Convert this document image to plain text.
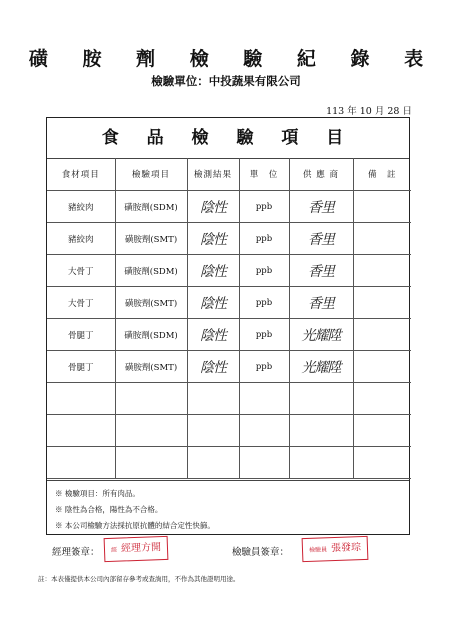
磺 胺 劑 檢 驗 紀 錄 表
檢驗單位：中投蔬果有限公司
113 年 10 月 28 日
食 品 檢 驗 項 目
食材項目	檢驗項目	檢測結果	單　位	供 應 商	備　註
豬絞肉	磺胺劑(SDM)	陰性	ppb	香里	
豬絞肉	磺胺劑(SMT)	陰性	ppb	香里	
大骨丁	磺胺劑(SDM)	陰性	ppb	香里	
大骨丁	磺胺劑(SMT)	陰性	ppb	香里	
骨腿丁	磺胺劑(SDM)	陰性	ppb	光耀陞	
骨腿丁	磺胺劑(SMT)	陰性	ppb	光耀陞	

※ 檢驗項目：所有肉品。
※ 陰性為合格，陽性為不合格。
※ 本公司檢驗方法採抗原抗體的結合定性快篩。
經理簽章：	經 經理方開	檢驗員簽章：	檢驗員 張發琮
註：本表僅提供本公司內部留存參考或查詢用，不作為其他證明用途。
